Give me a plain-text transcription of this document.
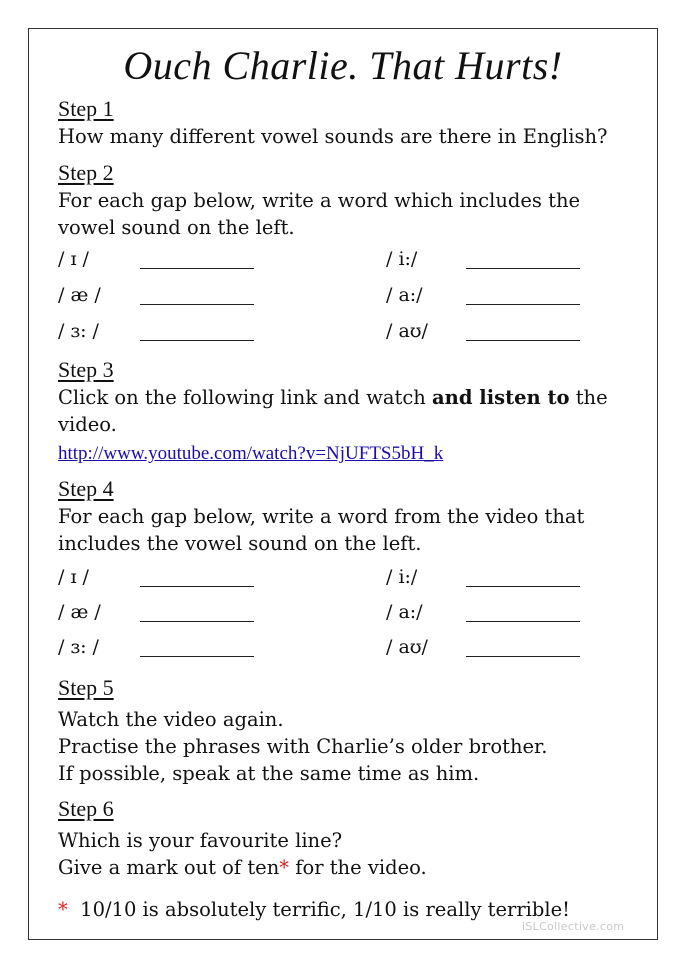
Ouch Charlie. That Hurts!
Step 1

How many different vowel sounds are there in English?

Step 2

For each gap below, write a word which includes the
vowel sound on the left.

/ ɪ /	/ i:/
/ æ /	/ a:/
/ ɜ: /	/ aʊ/
Step 3

Click on the following link and watch and listen to the
video.

http://www.youtube.com/watch?v=NjUFTS5bH_k
Step 4

For each gap below, write a word from the video that
includes the vowel sound on the left.

/ ɪ /	/ i:/
/ æ /	/ a:/
/ ɜ: /	/ aʊ/
Step 5

Watch the video again.
Practise the phrases with Charlie’s older brother.
If possible, speak at the same time as him.

Step 6

Which is your favourite line?
Give a mark out of ten* for the video.

* 10/10 is absolutely terrific, 1/10 is really terrible!
iSLCollective.com
